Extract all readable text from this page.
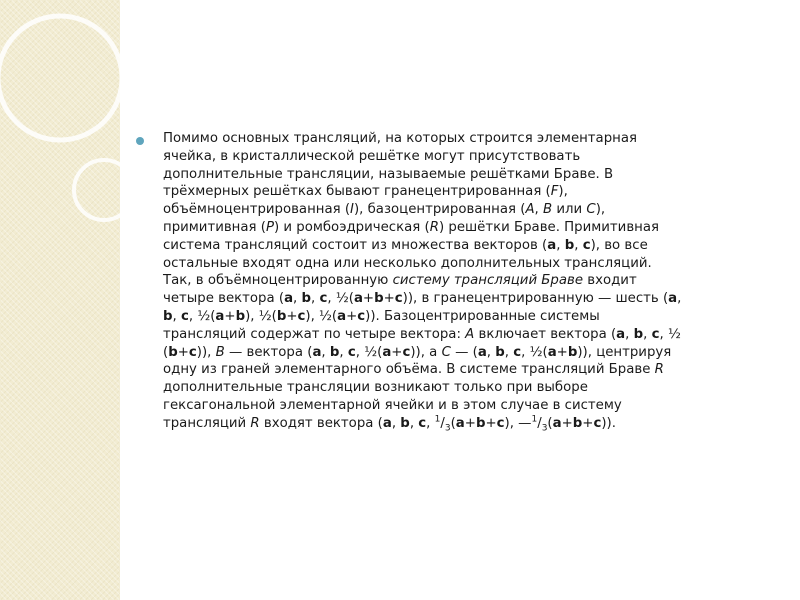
Помимо основных трансляций, на которых строится элементарная
ячейка, в кристаллической решётке могут присутствовать
дополнительные трансляции, называемые решётками Браве. В
трёхмерных решётках бывают гранецентрированная (F),
объёмноцентрированная (I), базоцентрированная (A, B или C),
примитивная (P) и ромбоэдрическая (R) решётки Браве. Примитивная
система трансляций состоит из множества векторов (a, b, c), во все
остальные входят одна или несколько дополнительных трансляций.
Так, в объёмноцентрированную систему трансляций Браве входит
четыре вектора (a, b, c, ½(a+b+c)), в гранецентрированную — шесть (a,
b, c, ½(a+b), ½(b+c), ½(a+c)). Базоцентрированные системы
трансляций содержат по четыре вектора: A включает вектора (a, b, c, ½
(b+c)), B — вектора (a, b, c, ½(a+c)), а C — (a, b, c, ½(a+b)), центрируя
одну из граней элементарного объёма. В системе трансляций Браве R
дополнительные трансляции возникают только при выборе
гексагональной элементарной ячейки и в этом случае в систему
трансляций R входят вектора (a, b, c, $^1/_3(a+b+c)$, $—^1/_3(a+b+c)$).
